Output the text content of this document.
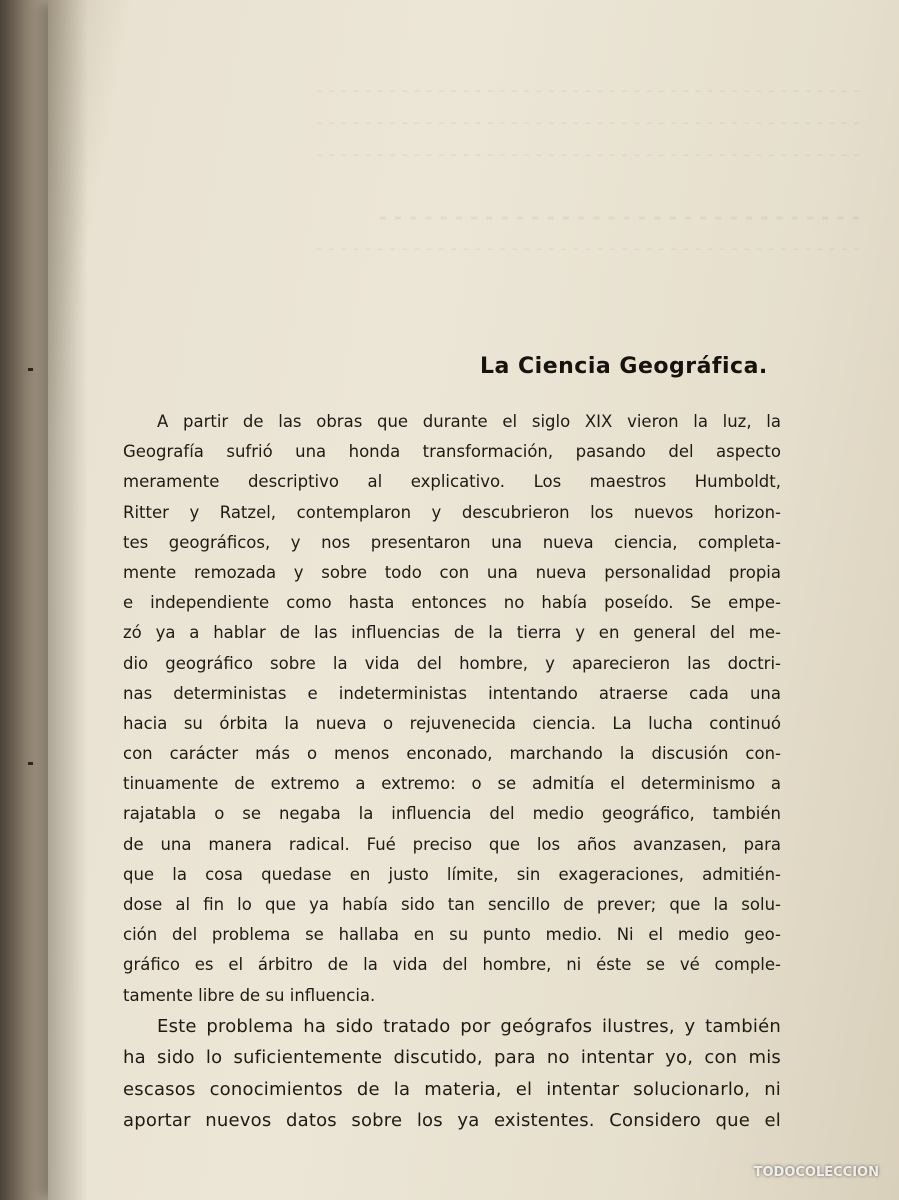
- - - - - - - - - - - - - - - - - - - - - - - - - - - - - - - - - - - - - - - - - - - - -
- - - - - - - - - - - - - - - - - - - - - - - - - - - - - - - - - - - - - - - - - - - - -
- - - - - - - - - - - - - - - - - - - - - - - - - - - - - - - - - - - - - - - - - - - - -
- - - - - - - - - - - - - - - - - - - - - - - - - - - - - - - -
- - - - - - - - - - - - - - - - - - - - - - - - - - - - - - - - - - - - - - - - - - - - -
La Ciencia Geográfica.
A partir de las obras que durante el siglo XIX vieron la luz, la
Geografía sufrió una honda transformación, pasando del aspecto
meramente descriptivo al explicativo. Los maestros Humboldt,
Ritter y Ratzel, contemplaron y descubrieron los nuevos horizon-
tes geográficos, y nos presentaron una nueva ciencia, completa-
mente remozada y sobre todo con una nueva personalidad propia
e independiente como hasta entonces no había poseído. Se empe-
zó ya a hablar de las influencias de la tierra y en general del me-
dio geográfico sobre la vida del hombre, y aparecieron las doctri-
nas deterministas e indeterministas intentando atraerse cada una
hacia su órbita la nueva o rejuvenecida ciencia. La lucha continuó
con carácter más o menos enconado, marchando la discusión con-
tinuamente de extremo a extremo: o se admitía el determinismo a
rajatabla o se negaba la influencia del medio geográfico, también
de una manera radical. Fué preciso que los años avanzasen, para
que la cosa quedase en justo límite, sin exageraciones, admitién-
dose al fin lo que ya había sido tan sencillo de prever; que la solu-
ción del problema se hallaba en su punto medio. Ni el medio geo-
gráfico es el árbitro de la vida del hombre, ni éste se vé comple-
tamente libre de su influencia.
Este problema ha sido tratado por geógrafos ilustres, y también
ha sido lo suficientemente discutido, para no intentar yo, con mis
escasos conocimientos de la materia, el intentar solucionarlo, ni
aportar nuevos datos sobre los ya existentes. Considero que el
TODOCOLECCION
